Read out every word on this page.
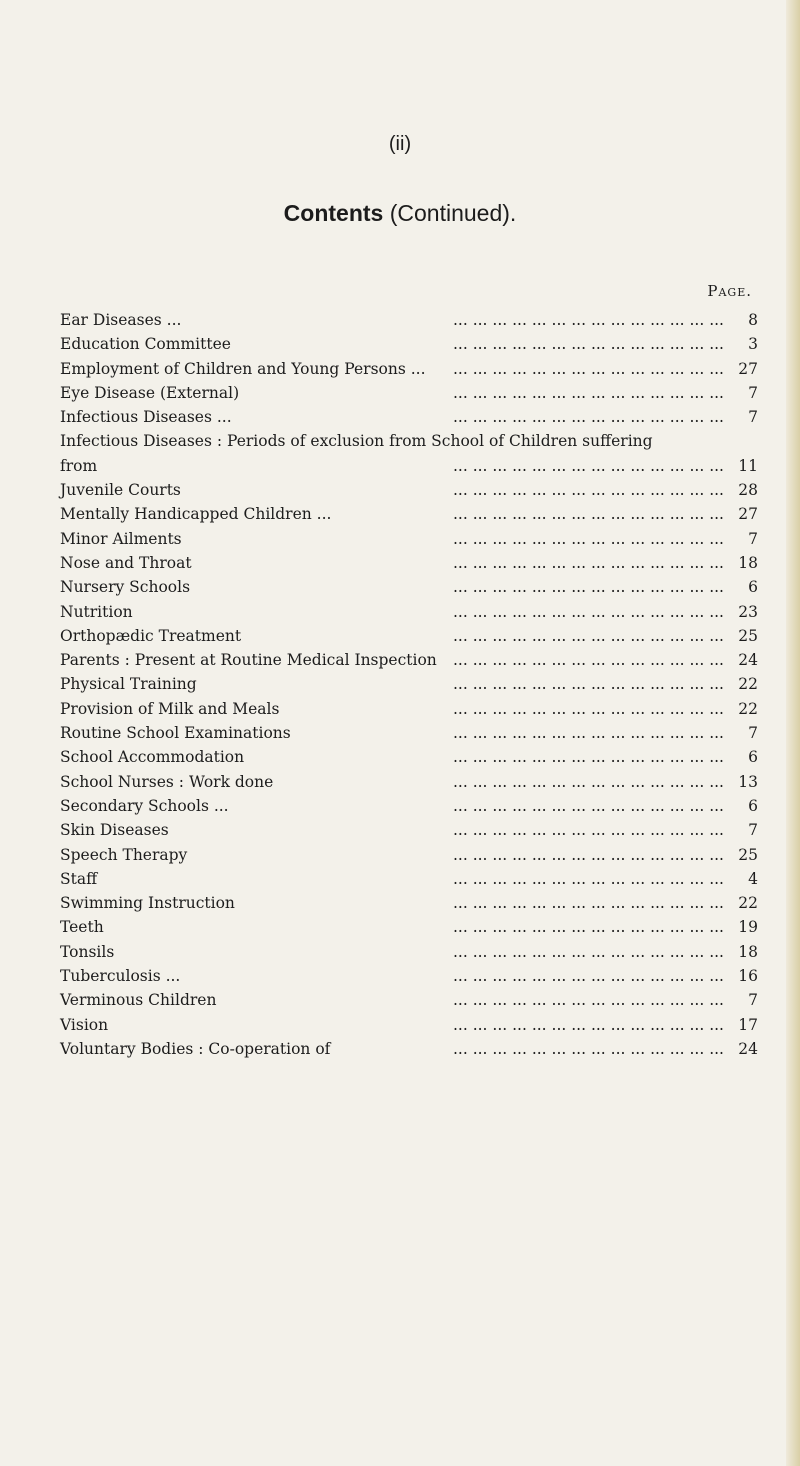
(ii)
Contents (Continued).
Page.
Ear Diseases ...	... ... ... ... ... ... ... ... ... ... ... ... ... ...	8
Education Committee	... ... ... ... ... ... ... ... ... ... ... ... ... ...	3
Employment of Children and Young Persons ...	... ... ... ... ... ... ... ... ... ... ... ... ... ... 27
Eye Disease (External)	... ... ... ... ... ... ... ... ... ... ... ... ... ...	7
Infectious Diseases ...	... ... ... ... ... ... ... ... ... ... ... ... ... ...	7
Infectious Diseases : Periods of exclusion from School of Children suffering
from	... ... ... ... ... ... ... ... ... ... ... ... ... ... 11
Juvenile Courts	... ... ... ... ... ... ... ... ... ... ... ... ... ... 28
Mentally Handicapped Children ...	... ... ... ... ... ... ... ... ... ... ... ... ... ... 27
Minor Ailments	... ... ... ... ... ... ... ... ... ... ... ... ... ...	7
Nose and Throat	... ... ... ... ... ... ... ... ... ... ... ... ... ... 18
Nursery Schools	... ... ... ... ... ... ... ... ... ... ... ... ... ...	6
Nutrition	... ... ... ... ... ... ... ... ... ... ... ... ... ... 23
Orthopædic Treatment	... ... ... ... ... ... ... ... ... ... ... ... ... ... 25
Parents : Present at Routine Medical Inspection ... ... ... ... ... ... ... ... ... ... ... ... ... ... 24
Physical Training	... ... ... ... ... ... ... ... ... ... ... ... ... ... 22
Provision of Milk and Meals	... ... ... ... ... ... ... ... ... ... ... ... ... ... 22
Routine School Examinations	... ... ... ... ... ... ... ... ... ... ... ... ... ...	7
School Accommodation	... ... ... ... ... ... ... ... ... ... ... ... ... ...	6
School Nurses : Work done	... ... ... ... ... ... ... ... ... ... ... ... ... ... 13
Secondary Schools ...	... ... ... ... ... ... ... ... ... ... ... ... ... ...	6
Skin Diseases	... ... ... ... ... ... ... ... ... ... ... ... ... ...	7
Speech Therapy	... ... ... ... ... ... ... ... ... ... ... ... ... ... 25
Staff	... ... ... ... ... ... ... ... ... ... ... ... ... ...	4
Swimming Instruction	... ... ... ... ... ... ... ... ... ... ... ... ... ... 22
Teeth	... ... ... ... ... ... ... ... ... ... ... ... ... ... 19
Tonsils	... ... ... ... ... ... ... ... ... ... ... ... ... ... 18
Tuberculosis ...	... ... ... ... ... ... ... ... ... ... ... ... ... ... 16
Verminous Children	... ... ... ... ... ... ... ... ... ... ... ... ... ...	7
Vision	... ... ... ... ... ... ... ... ... ... ... ... ... ... 17
Voluntary Bodies : Co-operation of	... ... ... ... ... ... ... ... ... ... ... ... ... ... 24
